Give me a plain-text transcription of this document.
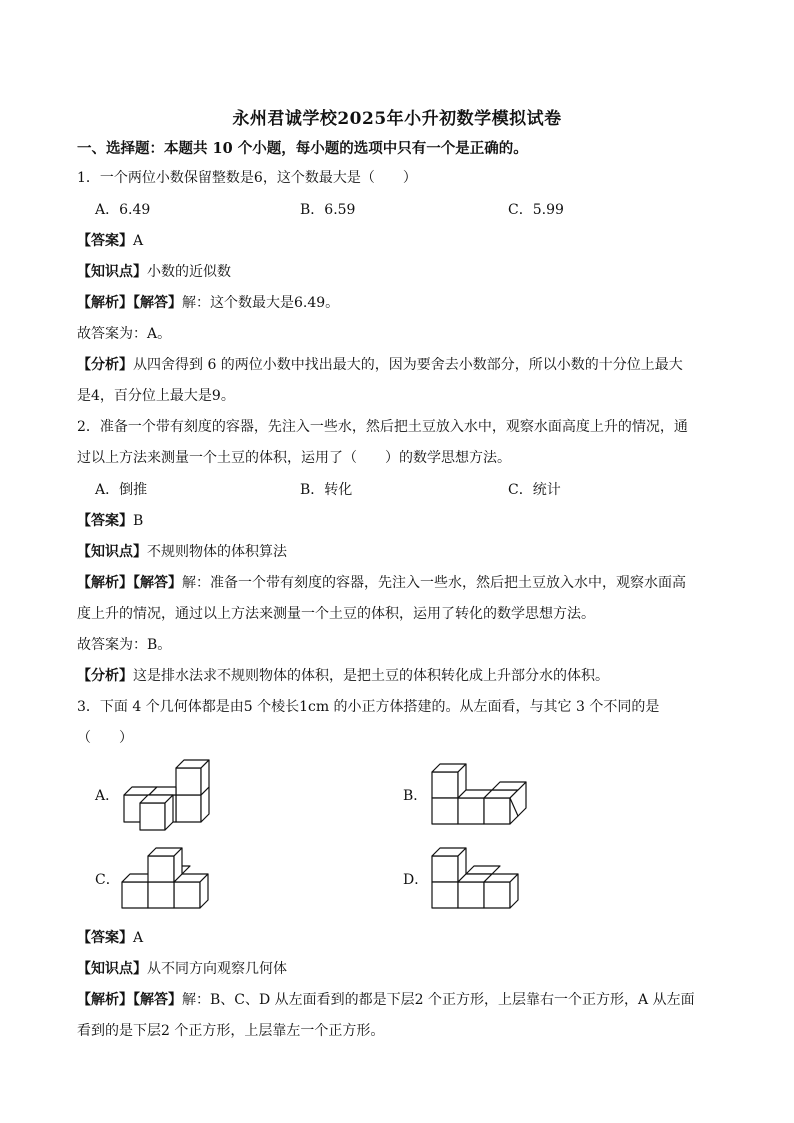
永州君诚学校2025年小升初数学模拟试卷
一、选择题：本题共 10 个小题，每小题的选项中只有一个是正确的。
1．一个两位小数保留整数是6，这个数最大是（　　）
A．6.49	B．6.59	C．5.99
【答案】A
【知识点】小数的近似数
【解析】【解答】解：这个数最大是6.49。
故答案为：A。
【分析】从四舍得到 6 的两位小数中找出最大的，因为要舍去小数部分，所以小数的十分位上最大
是4，百分位上最大是9。
2．准备一个带有刻度的容器，先注入一些水，然后把土豆放入水中，观察水面高度上升的情况，通
过以上方法来测量一个土豆的体积，运用了（　　）的数学思想方法。
A．倒推	B．转化	C．统计
【答案】B
【知识点】不规则物体的体积算法
【解析】【解答】解：准备一个带有刻度的容器，先注入一些水，然后把土豆放入水中，观察水面高
度上升的情况，通过以上方法来测量一个土豆的体积，运用了转化的数学思想方法。
故答案为：B。
【分析】这是排水法求不规则物体的体积，是把土豆的体积转化成上升部分水的体积。
3．下面 4 个几何体都是由5 个棱长1cm 的小正方体搭建的。从左面看，与其它 3 个不同的是
（　　）
A．	B．
C．	D．
【答案】A
【知识点】从不同方向观察几何体
【解析】【解答】解：B、C、D 从左面看到的都是下层2 个正方形，上层靠右一个正方形，A 从左面
看到的是下层2 个正方形，上层靠左一个正方形。
